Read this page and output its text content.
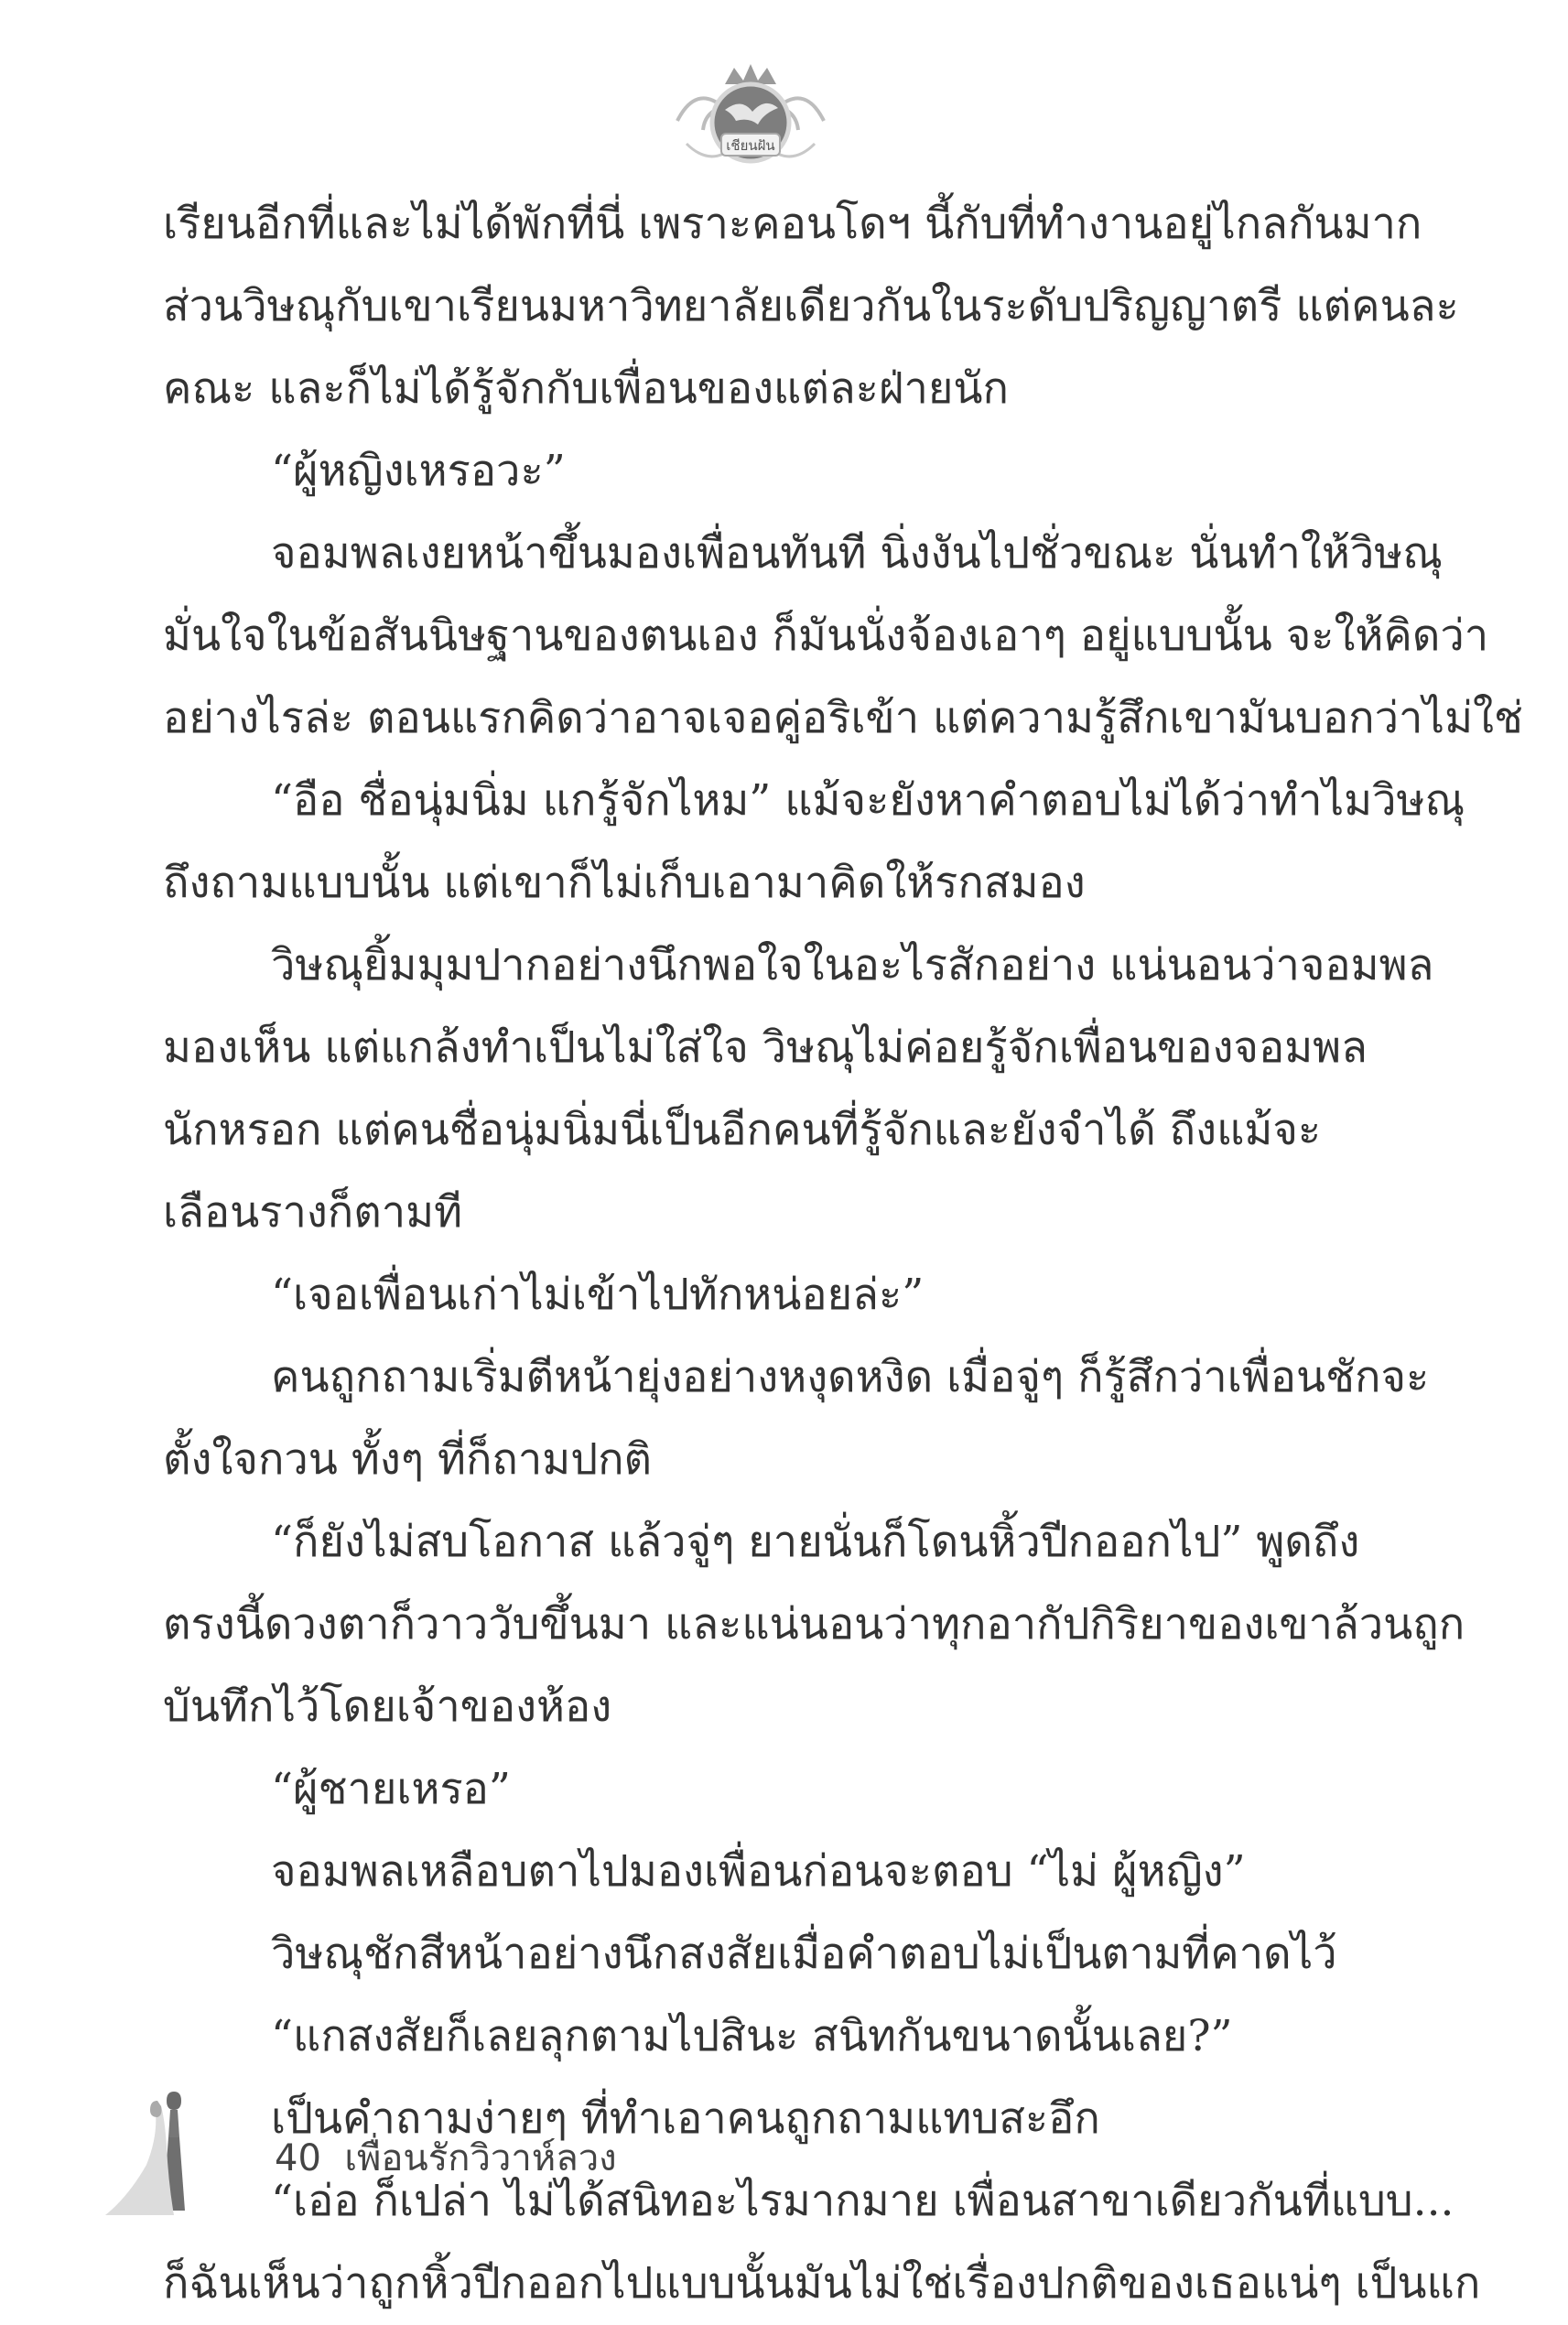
เชียนฝัน
เรียนอีกที่และไม่ได้พักที่นี่ เพราะคอนโดฯ นี้กับที่ทำงานอยู่ไกลกันมาก
ส่วนวิษณุกับเขาเรียนมหาวิทยาลัยเดียวกันในระดับปริญญาตรี แต่คนละ
คณะ และก็ไม่ได้รู้จักกับเพื่อนของแต่ละฝ่ายนัก
“ผู้หญิงเหรอวะ”
จอมพลเงยหน้าขึ้นมองเพื่อนทันที นิ่งงันไปชั่วขณะ นั่นทำให้วิษณุ
มั่นใจในข้อสันนิษฐานของตนเอง ก็มันนั่งจ้องเอาๆ อยู่แบบนั้น จะให้คิดว่า
อย่างไรล่ะ ตอนแรกคิดว่าอาจเจอคู่อริเข้า แต่ความรู้สึกเขามันบอกว่าไม่ใช่
“อือ ชื่อนุ่มนิ่ม แกรู้จักไหม” แม้จะยังหาคำตอบไม่ได้ว่าทำไมวิษณุ
ถึงถามแบบนั้น แต่เขาก็ไม่เก็บเอามาคิดให้รกสมอง
วิษณุยิ้มมุมปากอย่างนึกพอใจในอะไรสักอย่าง แน่นอนว่าจอมพล
มองเห็น แต่แกล้งทำเป็นไม่ใส่ใจ วิษณุไม่ค่อยรู้จักเพื่อนของจอมพล
นักหรอก แต่คนชื่อนุ่มนิ่มนี่เป็นอีกคนที่รู้จักและยังจำได้ ถึงแม้จะ
เลือนรางก็ตามที
“เจอเพื่อนเก่าไม่เข้าไปทักหน่อยล่ะ”
คนถูกถามเริ่มตีหน้ายุ่งอย่างหงุดหงิด เมื่อจู่ๆ ก็รู้สึกว่าเพื่อนชักจะ
ตั้งใจกวน ทั้งๆ ที่ก็ถามปกติ
“ก็ยังไม่สบโอกาส แล้วจู่ๆ ยายนั่นก็โดนหิ้วปีกออกไป” พูดถึง
ตรงนี้ดวงตาก็วาววับขึ้นมา และแน่นอนว่าทุกอากัปกิริยาของเขาล้วนถูก
บันทึกไว้โดยเจ้าของห้อง
“ผู้ชายเหรอ”
จอมพลเหลือบตาไปมองเพื่อนก่อนจะตอบ “ไม่ ผู้หญิง”
วิษณุชักสีหน้าอย่างนึกสงสัยเมื่อคำตอบไม่เป็นตามที่คาดไว้
“แกสงสัยก็เลยลุกตามไปสินะ สนิทกันขนาดนั้นเลย?”
เป็นคำถามง่ายๆ ที่ทำเอาคนถูกถามแทบสะอึก
“เอ่อ ก็เปล่า ไม่ได้สนิทอะไรมากมาย เพื่อนสาขาเดียวกันที่แบบ...
ก็ฉันเห็นว่าถูกหิ้วปีกออกไปแบบนั้นมันไม่ใช่เรื่องปกติของเธอแน่ๆ เป็นแก
40 เพื่อนรักวิวาห์ลวง
